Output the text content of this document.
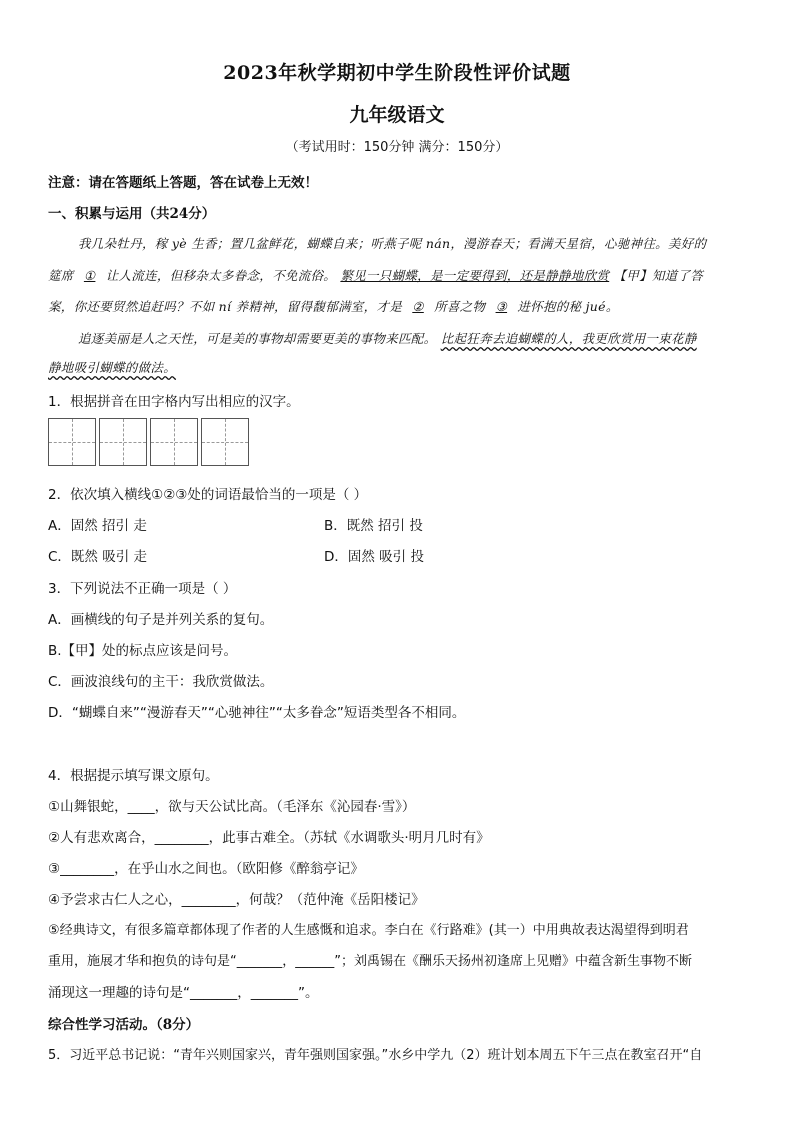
2023年秋学期初中学生阶段性评价试题
九年级语文
（考试用时：150分钟 满分：150分）
注意：请在答题纸上答题，答在试卷上无效！
一、积累与运用（共24分）
我几朵牡丹，稼 yè 生香；置几盆鲜花，蝴蝶自来；听燕子呢 nán，漫游春天；看满天星宿，心驰神往。美好的
筵席 ① 让人流连，但移杂太多眷念，不免流俗。 繁见一只蝴蝶，是一定要得到，还是静静地欣赏 【甲】知道了答
案，你还要贸然追赶吗？不如 ní 养精神，留得馥郁满室，才是 ② 所喜之物 ③ 进怀抱的秘 jué。
追逐美丽是人之天性，可是美的事物却需要更美的事物来匹配。 比起狂奔去追蝴蝶的人，我更欣赏用一束花静
静地吸引蝴蝶的做法。
1．根据拼音在田字格内写出相应的汉字。
2．依次填入横线①②③处的词语最恰当的一项是（ ）
A．固然 招引 走	B．既然 招引 投
C．既然 吸引 走	D．固然 吸引 投
3．下列说法不正确一项是（ ）
A．画横线的句子是并列关系的复句。
B.【甲】处的标点应该是问号。
C．画波浪线句的主干：我欣赏做法。
D．“蝴蝶自来”“漫游春天”“心驰神往”“太多眷念”短语类型各不相同。
4．根据提示填写课文原句。
①山舞银蛇，____，欲与天公试比高。（毛泽东《沁园春·雪》）
②人有悲欢离合，________，此事古难全。（苏轼《水调歌头·明月几时有》
③________，在乎山水之间也。（欧阳修《醉翁亭记》
④予尝求古仁人之心，________，何哉？（范仲淹《岳阳楼记》
⑤经典诗文，有很多篇章都体现了作者的人生感慨和追求。李白在《行路难》(其一）中用典故表达渴望得到明君
重用，施展才华和抱负的诗句是“_______，______”；刘禹锡在《酬乐天扬州初逢席上见赠》中蕴含新生事物不断
涌现这一理趣的诗句是“_______，_______”。
综合性学习活动。（8分）
5．习近平总书记说：“青年兴则国家兴，青年强则国家强。”水乡中学九（2）班计划本周五下午三点在教室召开“自
